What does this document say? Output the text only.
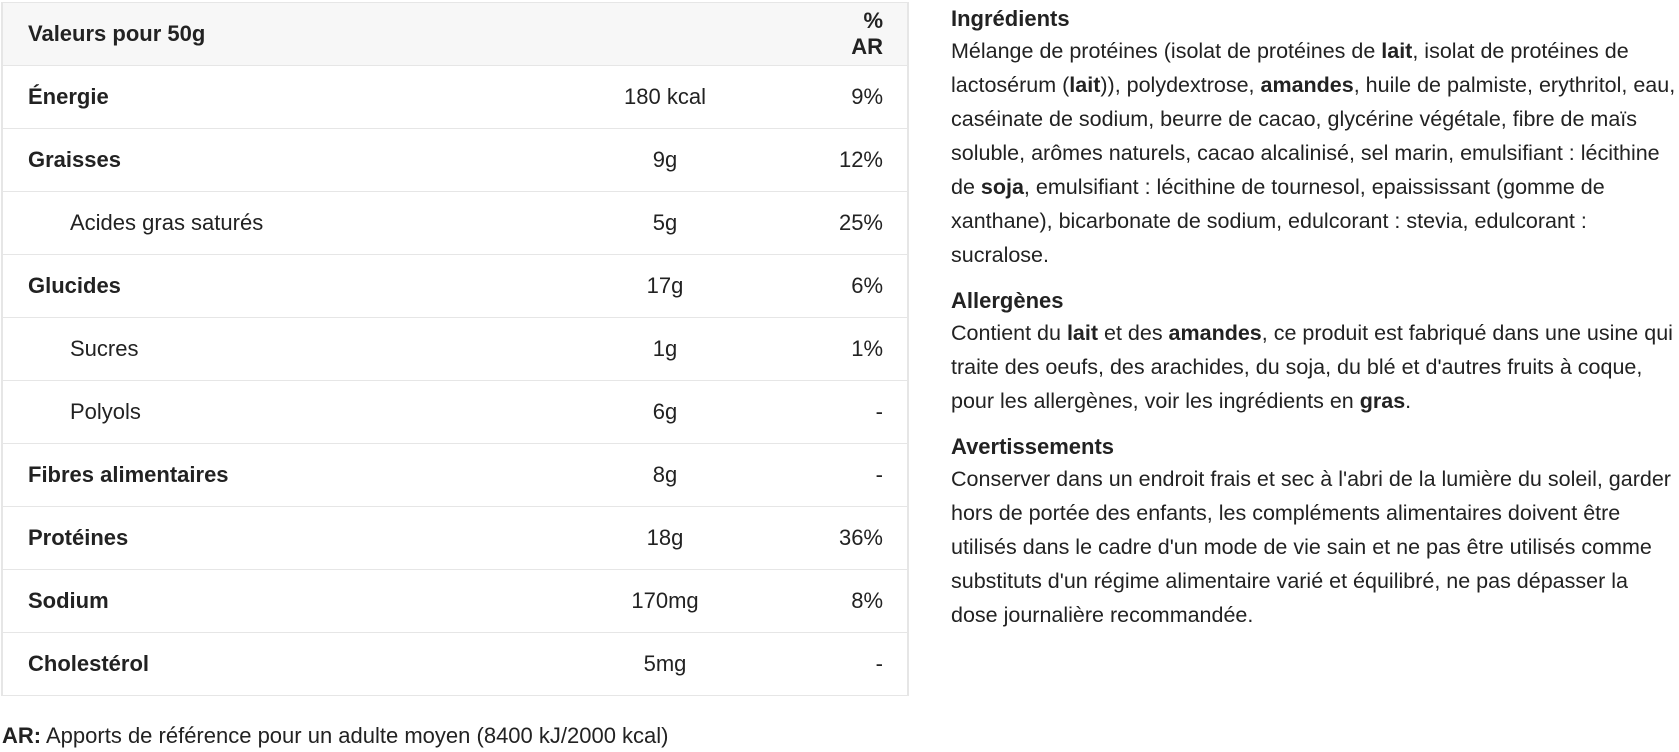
Valeurs pour 50g		% AR
Énergie	180 kcal	9%
Graisses	9g	12%
Acides gras saturés	5g	25%
Glucides	17g	6%
Sucres	1g	1%
Polyols	6g	-
Fibres alimentaires	8g	-
Protéines	18g	36%
Sodium	170mg	8%
Cholestérol	5mg	-
AR: Apports de référence pour un adulte moyen (8400 kJ/2000 kcal)
Ingrédients

Mélange de protéines (isolat de protéines de lait, isolat de protéines de lactosérum (lait)), polydextrose, amandes, huile de palmiste, erythritol, eau, caséinate de sodium, beurre de cacao, glycérine végétale, fibre de maïs soluble, arômes naturels, cacao alcalinisé, sel marin, emulsifiant : lécithine de soja, emulsifiant : lécithine de tournesol, epaississant (gomme de xanthane), bicarbonate de sodium, edulcorant : stevia, edulcorant : sucralose.

Allergènes

Contient du lait et des amandes, ce produit est fabriqué dans une usine qui traite des oeufs, des arachides, du soja, du blé et d'autres fruits à coque, pour les allergènes, voir les ingrédients en gras.

Avertissements

Conserver dans un endroit frais et sec à l'abri de la lumière du soleil, garder hors de portée des enfants, les compléments alimentaires doivent être utilisés dans le cadre d'un mode de vie sain et ne pas être utilisés comme substituts d'un régime alimentaire varié et équilibré, ne pas dépasser la dose journalière recommandée.
